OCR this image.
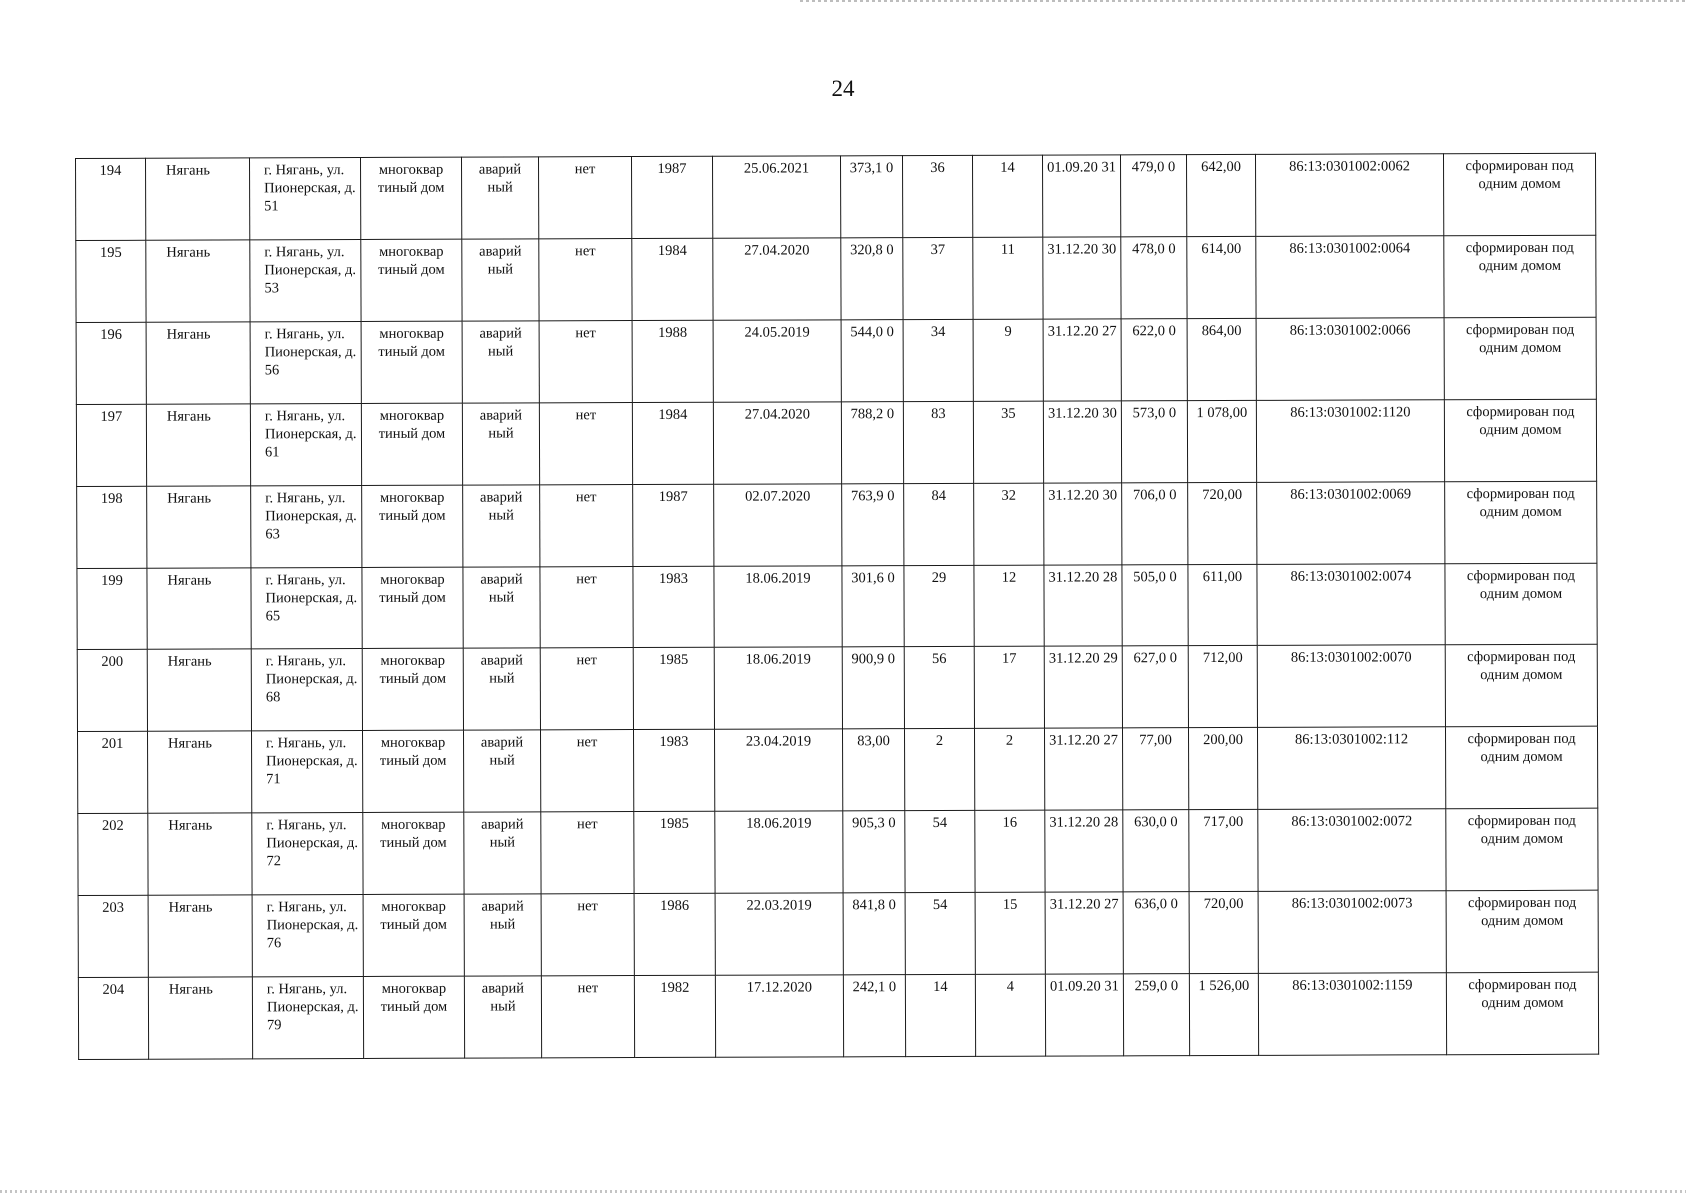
24
194	Нягань	г. Нягань, ул. Пионерская, д. 51	многоквар тиный дом	аварий ный	нет	1987	25.06.2021	373,1 0	36	14	01.09.20 31	479,0 0	642,00	86:13:0301002:0062	сформирован под одним домом
195	Нягань	г. Нягань, ул. Пионерская, д. 53	многоквар тиный дом	аварий ный	нет	1984	27.04.2020	320,8 0	37	11	31.12.20 30	478,0 0	614,00	86:13:0301002:0064	сформирован под одним домом
196	Нягань	г. Нягань, ул. Пионерская, д. 56	многоквар тиный дом	аварий ный	нет	1988	24.05.2019	544,0 0	34	9	31.12.20 27	622,0 0	864,00	86:13:0301002:0066	сформирован под одним домом
197	Нягань	г. Нягань, ул. Пионерская, д. 61	многоквар тиный дом	аварий ный	нет	1984	27.04.2020	788,2 0	83	35	31.12.20 30	573,0 0	1 078,00	86:13:0301002:1120	сформирован под одним домом
198	Нягань	г. Нягань, ул. Пионерская, д. 63	многоквар тиный дом	аварий ный	нет	1987	02.07.2020	763,9 0	84	32	31.12.20 30	706,0 0	720,00	86:13:0301002:0069	сформирован под одним домом
199	Нягань	г. Нягань, ул. Пионерская, д. 65	многоквар тиный дом	аварий ный	нет	1983	18.06.2019	301,6 0	29	12	31.12.20 28	505,0 0	611,00	86:13:0301002:0074	сформирован под одним домом
200	Нягань	г. Нягань, ул. Пионерская, д. 68	многоквар тиный дом	аварий ный	нет	1985	18.06.2019	900,9 0	56	17	31.12.20 29	627,0 0	712,00	86:13:0301002:0070	сформирован под одним домом
201	Нягань	г. Нягань, ул. Пионерская, д. 71	многоквар тиный дом	аварий ный	нет	1983	23.04.2019	83,00	2	2	31.12.20 27	77,00	200,00	86:13:0301002:112	сформирован под одним домом
202	Нягань	г. Нягань, ул. Пионерская, д. 72	многоквар тиный дом	аварий ный	нет	1985	18.06.2019	905,3 0	54	16	31.12.20 28	630,0 0	717,00	86:13:0301002:0072	сформирован под одним домом
203	Нягань	г. Нягань, ул. Пионерская, д. 76	многоквар тиный дом	аварий ный	нет	1986	22.03.2019	841,8 0	54	15	31.12.20 27	636,0 0	720,00	86:13:0301002:0073	сформирован под одним домом
204	Нягань	г. Нягань, ул. Пионерская, д. 79	многоквар тиный дом	аварий ный	нет	1982	17.12.2020	242,1 0	14	4	01.09.20 31	259,0 0	1 526,00	86:13:0301002:1159	сформирован под одним домом
